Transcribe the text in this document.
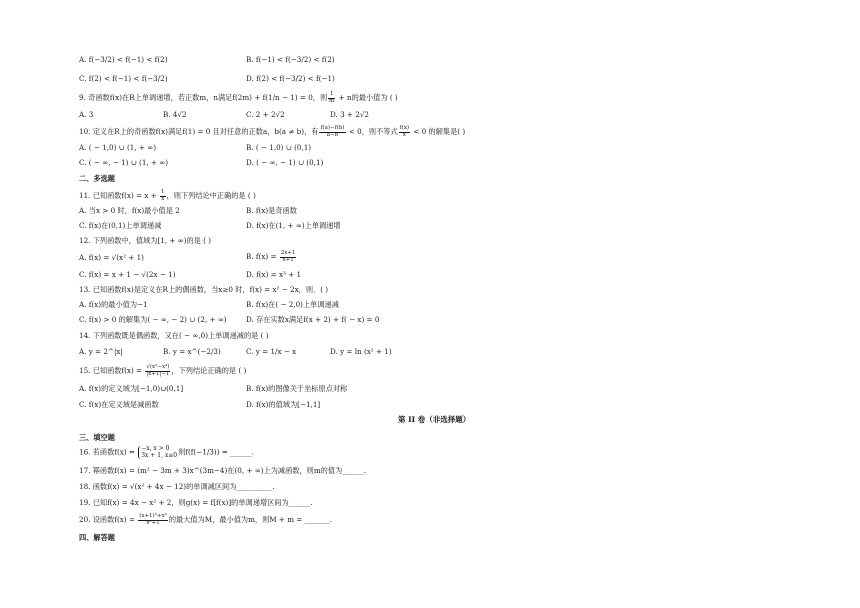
A. f(−3/2) < f(−1) < f(2)	B. f(−1) < f(−3/2) < f(2)
C. f(2) < f(−1) < f(−3/2)	D. f(2) < f(−3/2) < f(−1)
9. 奇函数f(x)在R上单调递增，若正数m，n满足f(2m) + f(1/n − 1) = 0，则 $\frac{1}{m} + n$的最小值为 ( )
A. 3	B. 4√2	C. 2 + 2√2	D. 3 + 2√2
10. 定义在R上的奇函数f(x)满足f(1) = 0 且对任意的正数a，b(a ≠ b)，有 $\frac{f(a)-f(b)}{a-b} < 0$，则不等式 $\frac{f(x)}{x} < 0$ 的解集是( )
A. ( − 1,0) ∪ (1, + ∞)	B. ( − 1,0) ∪ (0,1)
C. ( − ∞, − 1) ∪ (1, + ∞)	D. ( − ∞, − 1) ∪ (0,1)
二、多选题
11. 已知函数$f(x) = x + \frac{1}{x}$ ，则下列结论中正确的是 ( )
A. 当x > 0 时，f(x)最小值是 2	B. f(x)是奇函数
C. f(x)在(0,1)上单调递减	D. f(x)在(1, + ∞)上单调递增
12. 下列函数中，值域为[1, + ∞)的是 ( )
A. f(x) = √(x² + 1)	B. $f(x) = \frac{2x+1}{x+1}$
C. f(x) = x + 1 − √(2x − 1)	D. f(x) = x³ + 1
13. 已知函数f(x)是定义在R上的偶函数，当x≥0 时，f(x) = x² − 2x，则．( )
A. f(x)的最小值为−1	B. f(x)在( − 2,0)上单调递减
C. f(x) > 0 的解集为( − ∞, − 2) ∪ (2, + ∞)	D. 存在实数x满足f(x + 2) + f( − x) = 0
14. 下列函数既是偶函数，又在( − ∞,0)上单调递减的是 ( )
A. y = 2^|x|	B. y = x^(−2/3)	C. y = 1/x − x	D. y = ln (x² + 1)
15. 已知函数$f(x) = \frac{\text{√(x²−x⁴)}}{|x+1|-1}$ ，下列结论正确的是 ( )
A. f(x)的定义域为[−1,0)∪(0,1]	B. f(x)的图像关于坐标原点对称
C. f(x)在定义域是减函数	D. f(x)的值域为[−1,1]
第 II 卷（非选择题）
三、填空题
16. 若函数f(x) = −x, x > 0
3x + 1, x≤0 则f(f(−1/3)) = ______.
17. 幂函数f(x) = (m² − 3m + 3)x^(3m−4)在(0, + ∞)上为减函数，则m的值为______.
18. 函数f(x) = √(x² + 4x − 12)的单调减区间为__________.
19. 已知f(x) = 4x − x² + 2，则g(x) = f[f(x)]的单调递增区间为______.
20. 设函数$f(x) = \frac{\text{(x+1)²+x³}}{\text{x²+1}}$ 的最大值为M，最小值为m，则M + m = _______.
四、解答题
